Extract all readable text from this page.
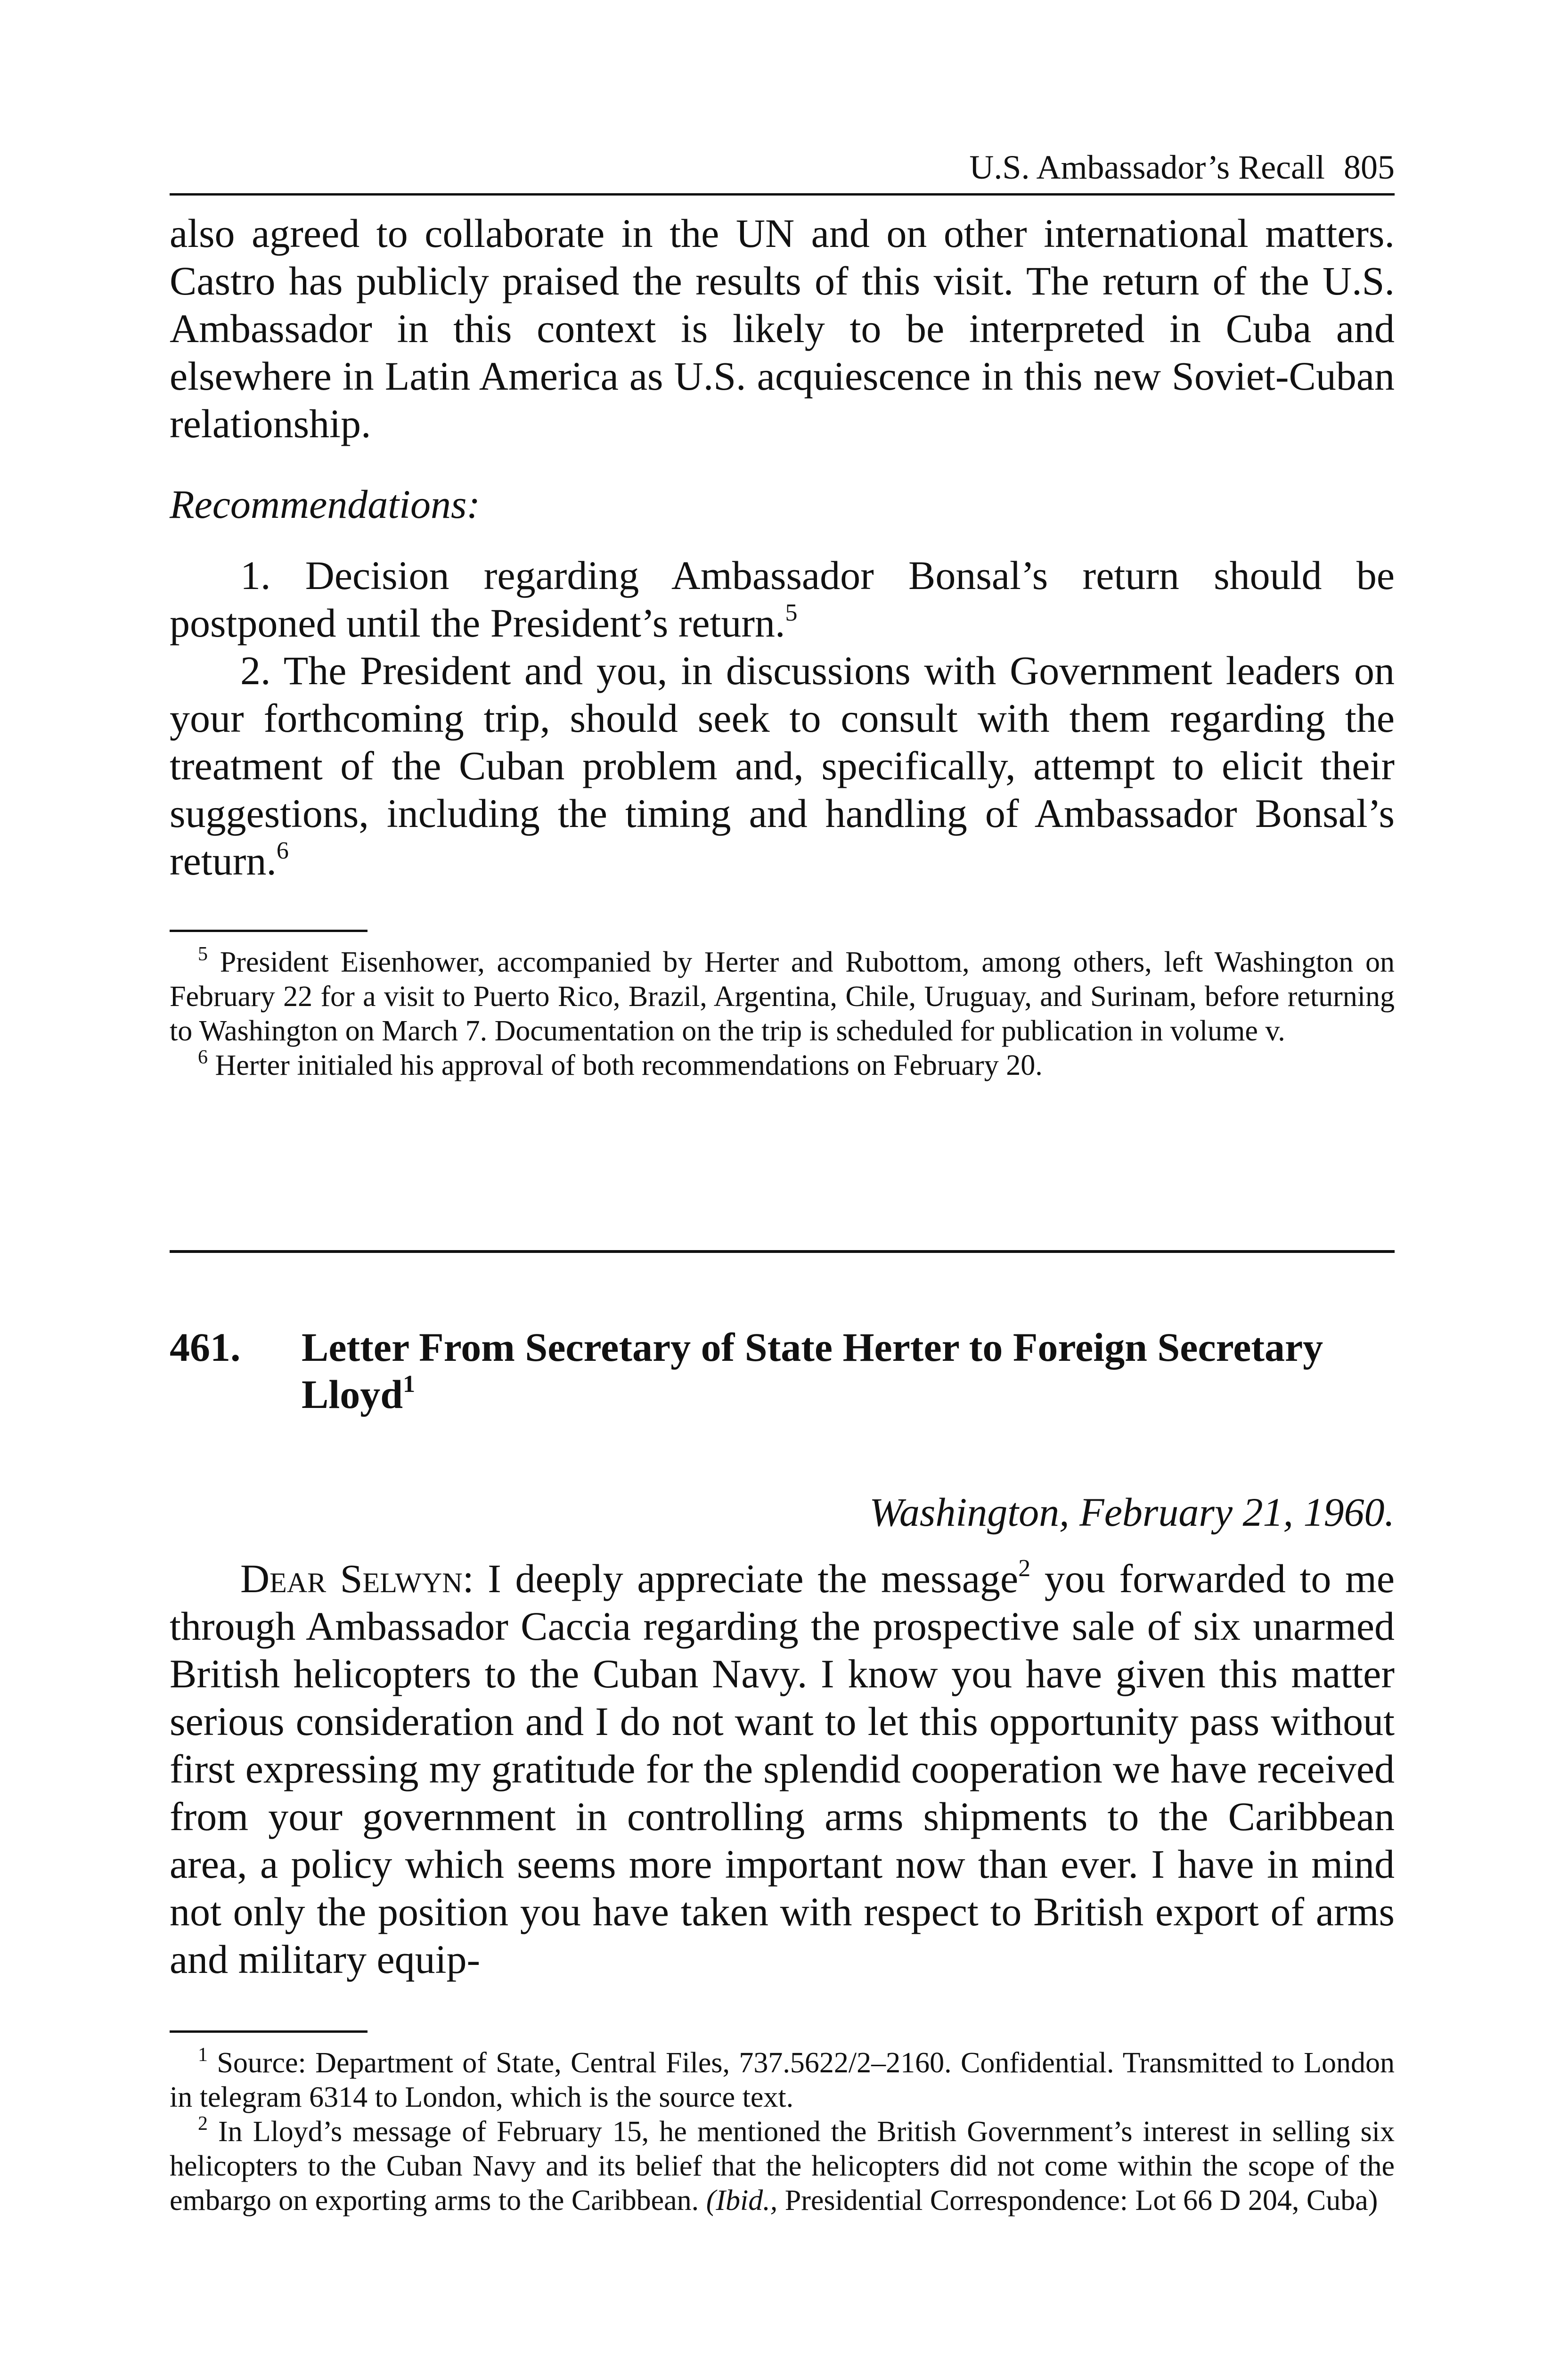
U.S. Ambassador’s Recall 805

also agreed to collaborate in the UN and on other international matters. Castro has publicly praised the results of this visit. The return of the U.S. Ambassador in this context is likely to be interpreted in Cuba and elsewhere in Latin America as U.S. acquiescence in this new Soviet-Cuban relationship.

Recommendations:

1. Decision regarding Ambassador Bonsal’s return should be postponed until the President’s return.$^5$

2. The President and you, in discussions with Government leaders on your forthcoming trip, should seek to consult with them regarding the treatment of the Cuban problem and, specifically, attempt to elicit their suggestions, including the timing and handling of Ambassador Bonsal’s return.$^6$

$^5$ President Eisenhower, accompanied by Herter and Rubottom, among others, left Washington on February 22 for a visit to Puerto Rico, Brazil, Argentina, Chile, Uruguay, and Surinam, before returning to Washington on March 7. Documentation on the trip is scheduled for publication in volume v.

$^6$ Herter initialed his approval of both recommendations on February 20.

461. Letter From Secretary of State Herter to Foreign Secretary Lloyd$^1$
Washington, February 21, 1960.

Dear Selwyn: I deeply appreciate the message$^2$ you forwarded to me through Ambassador Caccia regarding the prospective sale of six unarmed British helicopters to the Cuban Navy. I know you have given this matter serious consideration and I do not want to let this opportunity pass without first expressing my gratitude for the splendid cooperation we have received from your government in controlling arms shipments to the Caribbean area, a policy which seems more important now than ever. I have in mind not only the position you have taken with respect to British export of arms and military equip-

$^1$ Source: Department of State, Central Files, 737.5622/2–2160. Confidential. Transmitted to London in telegram 6314 to London, which is the source text.

$^2$ In Lloyd’s message of February 15, he mentioned the British Government’s interest in selling six helicopters to the Cuban Navy and its belief that the helicopters did not come within the scope of the embargo on exporting arms to the Caribbean. (Ibid., Presidential Correspondence: Lot 66 D 204, Cuba)
